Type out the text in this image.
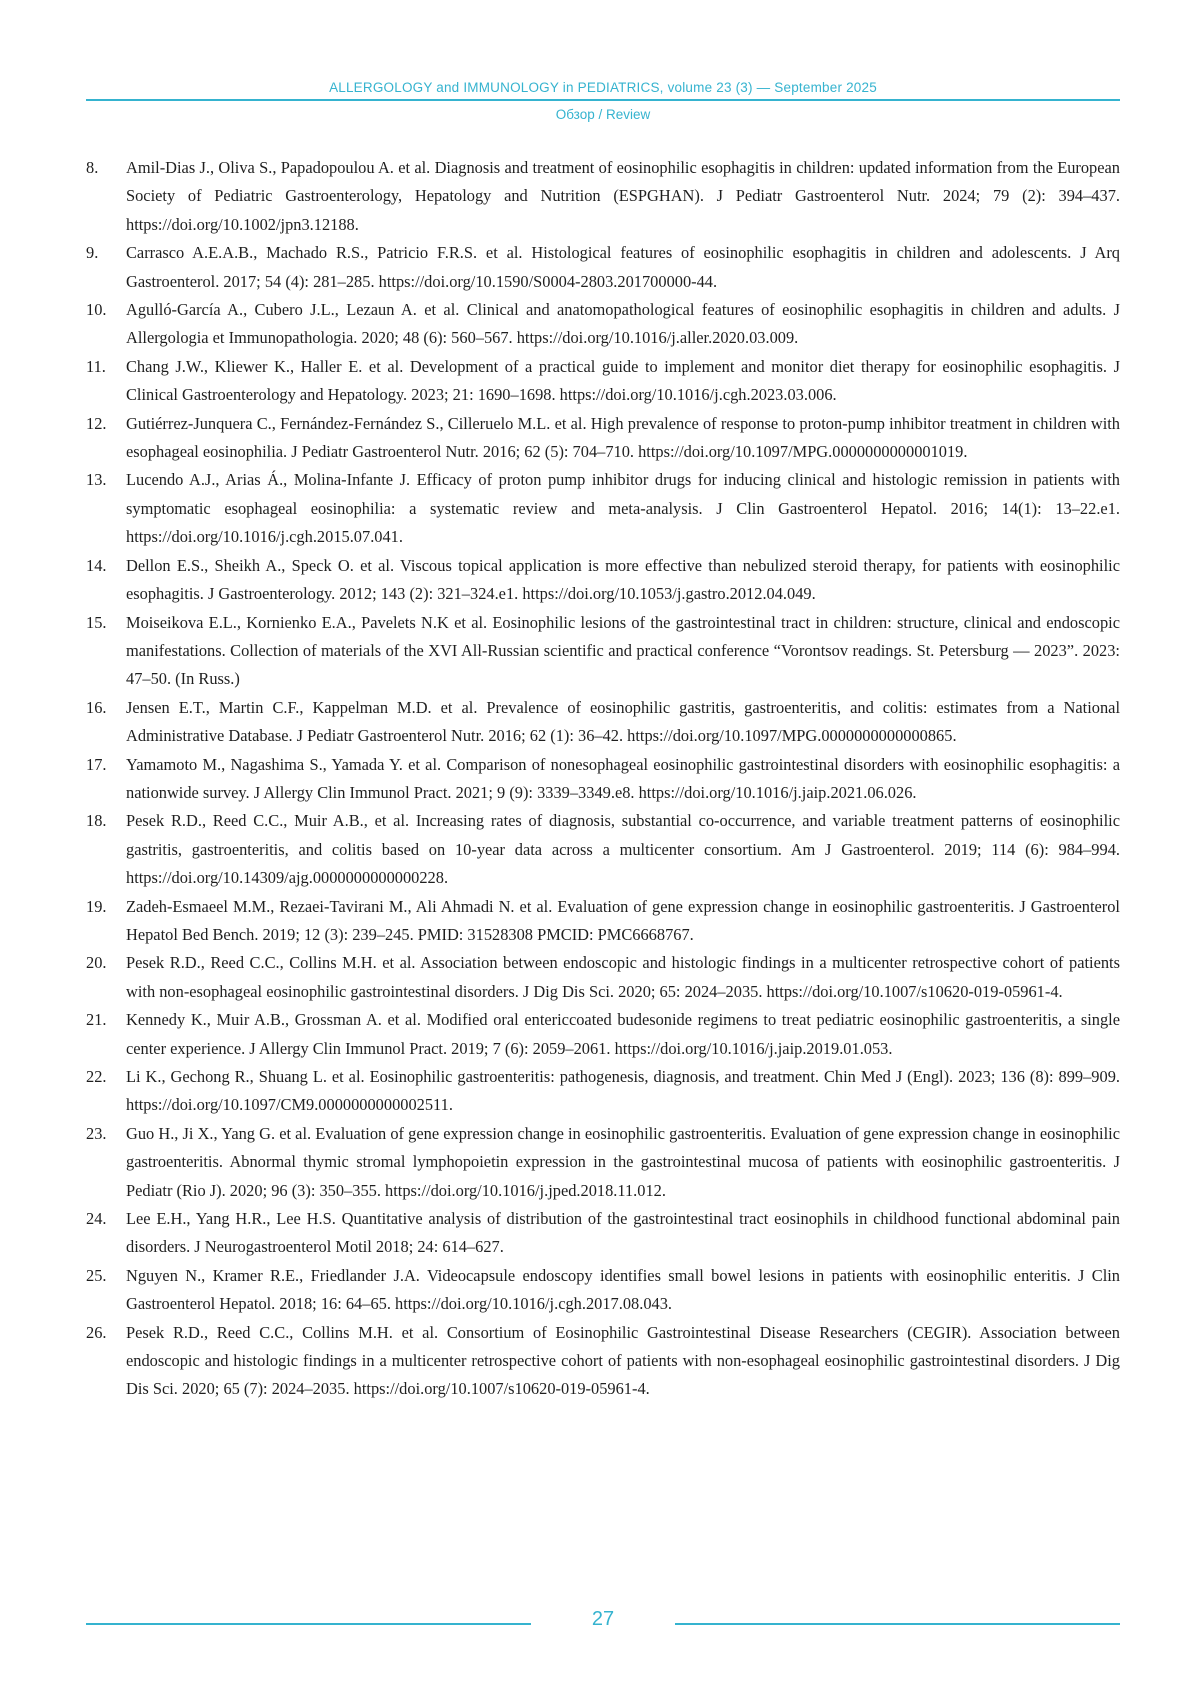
ALLERGOLOGY and IMMUNOLOGY in PEDIATRICS, volume 23 (3) — September 2025
Обзор / Review
8.	Amil-Dias J., Oliva S., Papadopoulou A. et al. Diagnosis and treatment of eosinophilic esophagitis in children: updated information from the European Society of Pediatric Gastroenterology, Hepatology and Nutrition (ESPGHAN). J Pediatr Gastroenterol Nutr. 2024; 79 (2): 394–437. https://doi.org/10.1002/jpn3.12188.
9.	Carrasco A.E.A.B., Machado R.S., Patricio F.R.S. et al. Histological features of eosinophilic esophagitis in children and adolescents. J Arq Gastroenterol. 2017; 54 (4): 281–285. https://doi.org/10.1590/S0004-2803.201700000-44.
10.	Agulló-García A., Cubero J.L., Lezaun A. et al. Clinical and anatomopathological features of eosinophilic esophagitis in children and adults. J Allergologia et Immunopathologia. 2020; 48 (6): 560–567. https://doi.org/10.1016/j.aller.2020.03.009.
11.	Chang J.W., Kliewer K., Haller E. et al. Development of a practical guide to implement and monitor diet therapy for eosinophilic esophagitis. J Clinical Gastroenterology and Hepatology. 2023; 21: 1690–1698. https://doi.org/10.1016/j.cgh.2023.03.006.
12.	Gutiérrez-Junquera C., Fernández-Fernández S., Cilleruelo M.L. et al. High prevalence of response to proton-pump inhibitor treatment in children with esophageal eosinophilia. J Pediatr Gastroenterol Nutr. 2016; 62 (5): 704–710. https://doi.org/10.1097/MPG.0000000000001019.
13.	Lucendo A.J., Arias Á., Molina-Infante J. Efficacy of proton pump inhibitor drugs for inducing clinical and histologic remission in patients with symptomatic esophageal eosinophilia: a systematic review and meta-analysis. J Clin Gastroenterol Hepatol. 2016; 14(1): 13–22.e1. https://doi.org/10.1016/j.cgh.2015.07.041.
14.	Dellon E.S., Sheikh A., Speck O. et al. Viscous topical application is more effective than nebulized steroid therapy, for patients with eosinophilic esophagitis. J Gastroenterology. 2012; 143 (2): 321–324.e1. https://doi.org/10.1053/j.gastro.2012.04.049.
15.	Moiseikova E.L., Kornienko E.A., Pavelets N.K et al. Eosinophilic lesions of the gastrointestinal tract in children: structure, clinical and endoscopic manifestations. Collection of materials of the XVI All-Russian scientific and practical conference “Vorontsov readings. St. Petersburg — 2023”. 2023: 47–50. (In Russ.)
16.	Jensen E.T., Martin C.F., Kappelman M.D. et al. Prevalence of eosinophilic gastritis, gastroenteritis, and colitis: estimates from a National Administrative Database. J Pediatr Gastroenterol Nutr. 2016; 62 (1): 36–42. https://doi.org/10.1097/MPG.0000000000000865.
17.	Yamamoto M., Nagashima S., Yamada Y. et al. Comparison of nonesophageal eosinophilic gastrointestinal disorders with eosinophilic esophagitis: a nationwide survey. J Allergy Clin Immunol Pract. 2021; 9 (9): 3339–3349.e8. https://doi.org/10.1016/j.jaip.2021.06.026.
18.	Pesek R.D., Reed C.C., Muir A.B., et al. Increasing rates of diagnosis, substantial co-occurrence, and variable treatment patterns of eosinophilic gastritis, gastroenteritis, and colitis based on 10-year data across a multicenter consortium. Am J Gastroenterol. 2019; 114 (6): 984–994. https://doi.org/10.14309/ajg.0000000000000228.
19.	Zadeh-Esmaeel M.M., Rezaei-Tavirani M., Ali Ahmadi N. et al. Evaluation of gene expression change in eosinophilic gastroenteritis. J Gastroenterol Hepatol Bed Bench. 2019; 12 (3): 239–245. PMID: 31528308 PMCID: PMC6668767.
20.	Pesek R.D., Reed C.C., Collins M.H. et al. Association between endoscopic and histologic findings in a multicenter retrospective cohort of patients with non-esophageal eosinophilic gastrointestinal disorders. J Dig Dis Sci. 2020; 65: 2024–2035. https://doi.org/10.1007/s10620-019-05961-4.
21.	Kennedy K., Muir A.B., Grossman A. et al. Modified oral entericcoated budesonide regimens to treat pediatric eosinophilic gastroenteritis, a single center experience. J Allergy Clin Immunol Pract. 2019; 7 (6): 2059–2061. https://doi.org/10.1016/j.jaip.2019.01.053.
22.	Li K., Gechong R., Shuang L. et al. Eosinophilic gastroenteritis: pathogenesis, diagnosis, and treatment. Chin Med J (Engl). 2023; 136 (8): 899–909. https://doi.org/10.1097/CM9.0000000000002511.
23.	Guo H., Ji X., Yang G. et al. Evaluation of gene expression change in eosinophilic gastroenteritis. Evaluation of gene expression change in eosinophilic gastroenteritis. Abnormal thymic stromal lymphopoietin expression in the gastrointestinal mucosa of patients with eosinophilic gastroenteritis. J Pediatr (Rio J). 2020; 96 (3): 350–355. https://doi.org/10.1016/j.jped.2018.11.012.
24.	Lee E.H., Yang H.R., Lee H.S. Quantitative analysis of distribution of the gastrointestinal tract eosinophils in childhood functional abdominal pain disorders. J Neurogastroenterol Motil 2018; 24: 614–627.
25.	Nguyen N., Kramer R.E., Friedlander J.A. Videocapsule endoscopy identifies small bowel lesions in patients with eosinophilic enteritis. J Clin Gastroenterol Hepatol. 2018; 16: 64–65. https://doi.org/10.1016/j.cgh.2017.08.043.
26.	Pesek R.D., Reed C.C., Collins M.H. et al. Consortium of Eosinophilic Gastrointestinal Disease Researchers (CEGIR). Association between endoscopic and histologic findings in a multicenter retrospective cohort of patients with non-esophageal eosinophilic gastrointestinal disorders. J Dig Dis Sci. 2020; 65 (7): 2024–2035. https://doi.org/10.1007/s10620-019-05961-4.
27
